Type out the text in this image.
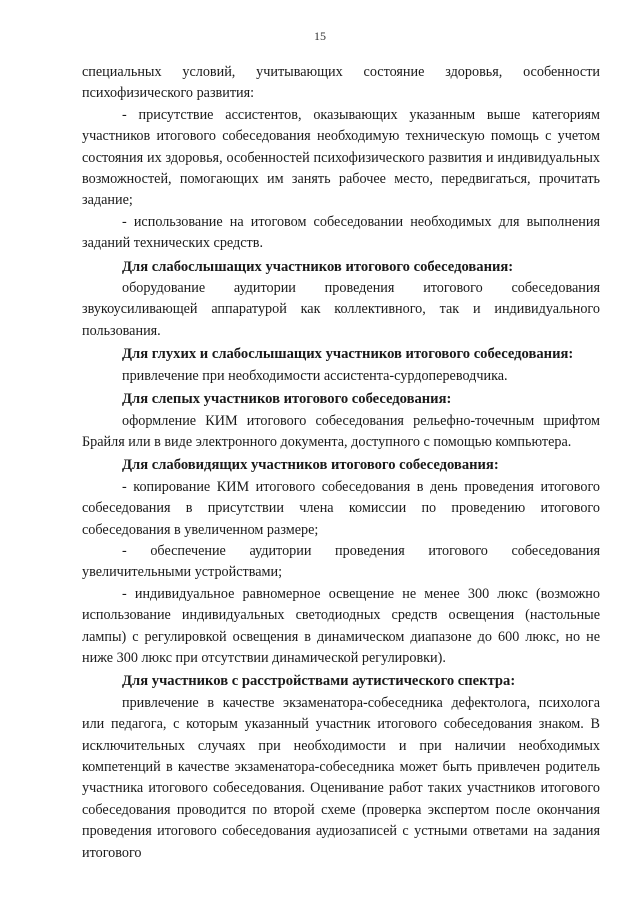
15

специальных условий, учитывающих состояние здоровья, особенности психофизического развития:

- присутствие ассистентов, оказывающих указанным выше категориям участников итогового собеседования необходимую техническую помощь с учетом состояния их здоровья, особенностей психофизического развития и индивидуальных возможностей, помогающих им занять рабочее место, передвигаться, прочитать задание;

- использование на итоговом собеседовании необходимых для выполнения заданий технических средств.

Для слабослышащих участников итогового собеседования:

оборудование аудитории проведения итогового собеседования звукоусиливающей аппаратурой как коллективного, так и индивидуального пользования.

Для глухих и слабослышащих участников итогового собеседования:

привлечение при необходимости ассистента-сурдопереводчика.

Для слепых участников итогового собеседования:

оформление КИМ итогового собеседования рельефно-точечным шрифтом Брайля или в виде электронного документа, доступного с помощью компьютера.

Для слабовидящих участников итогового собеседования:

- копирование КИМ итогового собеседования в день проведения итогового собеседования в присутствии члена комиссии по проведению итогового собеседования в увеличенном размере;

- обеспечение аудитории проведения итогового собеседования увеличительными устройствами;

- индивидуальное равномерное освещение не менее 300 люкс (возможно использование индивидуальных светодиодных средств освещения (настольные лампы) с регулировкой освещения в динамическом диапазоне до 600 люкс, но не ниже 300 люкс при отсутствии динамической регулировки).

Для участников с расстройствами аутистического спектра:

привлечение в качестве экзаменатора-собеседника дефектолога, психолога или педагога, с которым указанный участник итогового собеседования знаком. В исключительных случаях при необходимости и при наличии необходимых компетенций в качестве экзаменатора-собеседника может быть привлечен родитель участника итогового собеседования. Оценивание работ таких участников итогового собеседования проводится по второй схеме (проверка экспертом после окончания проведения итогового собеседования аудиозаписей с устными ответами на задания итогового
